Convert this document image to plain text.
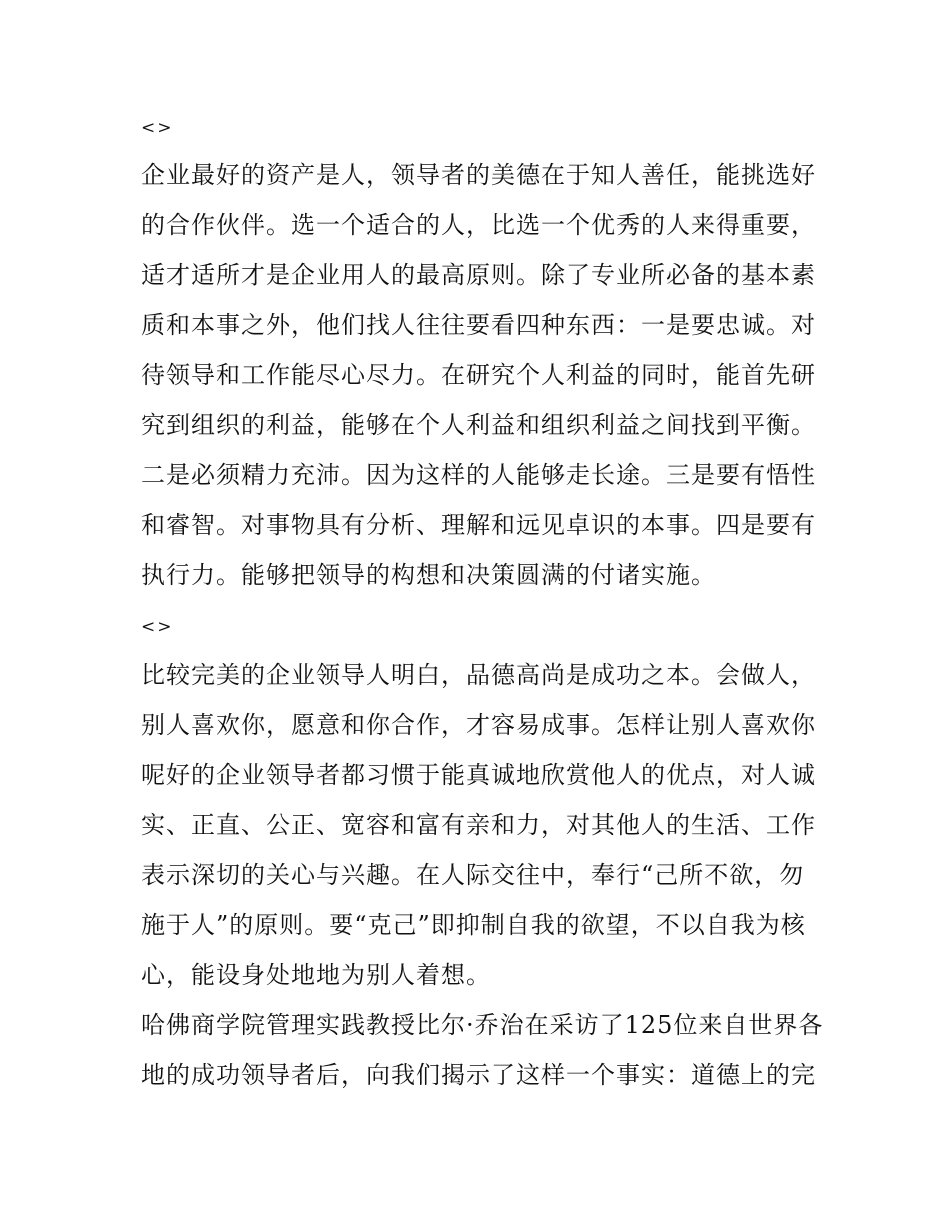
<>
企业最好的资产是人，领导者的美德在于知人善任，能挑选好
的合作伙伴。选一个适合的人，比选一个优秀的人来得重要，
适才适所才是企业用人的最高原则。除了专业所必备的基本素
质和本事之外，他们找人往往要看四种东西：一是要忠诚。对
待领导和工作能尽心尽力。在研究个人利益的同时，能首先研
究到组织的利益，能够在个人利益和组织利益之间找到平衡。
二是必须精力充沛。因为这样的人能够走长途。三是要有悟性
和睿智。对事物具有分析、理解和远见卓识的本事。四是要有
执行力。能够把领导的构想和决策圆满的付诸实施。
<>
比较完美的企业领导人明白，品德高尚是成功之本。会做人，
别人喜欢你，愿意和你合作，才容易成事。怎样让别人喜欢你
呢好的企业领导者都习惯于能真诚地欣赏他人的优点，对人诚
实、正直、公正、宽容和富有亲和力，对其他人的生活、工作
表示深切的关心与兴趣。在人际交往中，奉行“己所不欲，勿
施于人”的原则。要“克己”即抑制自我的欲望，不以自我为核
心，能设身处地地为别人着想。
哈佛商学院管理实践教授比尔·乔治在采访了125位来自世界各
地的成功领导者后，向我们揭示了这样一个事实：道德上的完
